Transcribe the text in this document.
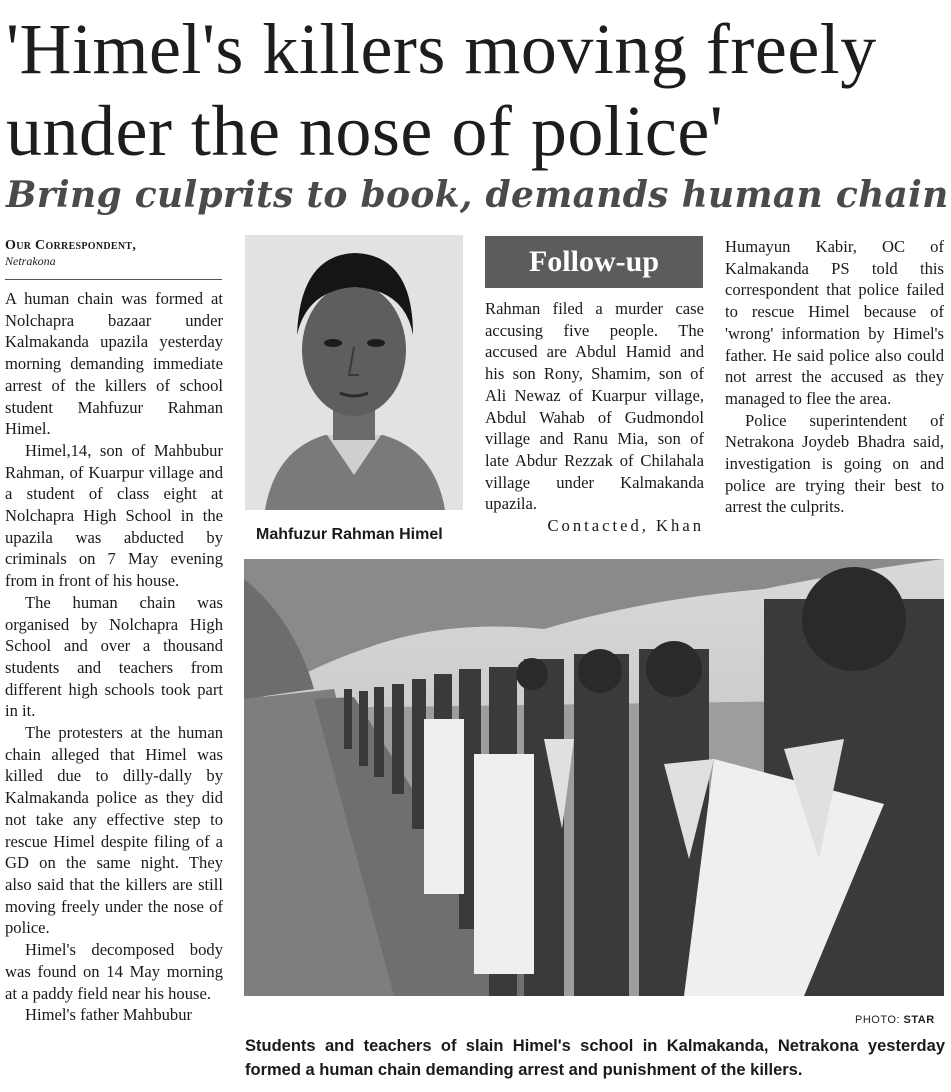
'Himel's killers moving freely under the nose of police'
Bring culprits to book, demands human chain
Our Correspondent,
Netrakona

A human chain was formed at Nolchapra bazaar under Kalmakanda upazila yesterday morning demanding immediate arrest of the killers of school student Mahfuzur Rahman Himel.

Himel,14, son of Mahbubur Rahman, of Kuarpur village and a student of class eight at Nolchapra High School in the upazila was abducted by criminals on 7 May evening from in front of his house.

The human chain was organised by Nolchapra High School and over a thousand students and teachers from different high schools took part in it.

The protesters at the human chain alleged that Himel was killed due to dilly-dally by Kalmakanda police as they did not take any effective step to rescue Himel despite filing of a GD on the same night. They also said that the killers are still moving freely under the nose of police.

Himel's decomposed body was found on 14 May morning at a paddy field near his house.

Himel's father Mahbubur

Mahfuzur Rahman Himel
Follow-up

Rahman filed a murder case accusing five people. The accused are Abdul Hamid and his son Rony, Shamim, son of Ali Newaz of Kuarpur village, Abdul Wahab of Gudmondol village and Ranu Mia, son of late Abdur Rezzak of Chilahala village under Kalmakanda upazila.

Contacted, Khan

Humayun Kabir, OC of Kalmakanda PS told this correspondent that police failed to rescue Himel because of 'wrong' information by Himel's father. He said police also could not arrest the accused as they managed to flee the area.

Police superintendent of Netrakona Joydeb Bhadra said, investigation is going on and police are trying their best to arrest the culprits.

PHOTO: STAR
Students and teachers of slain Himel's school in Kalmakanda, Netrakona yesterday formed a human chain demanding arrest and punishment of the killers.
